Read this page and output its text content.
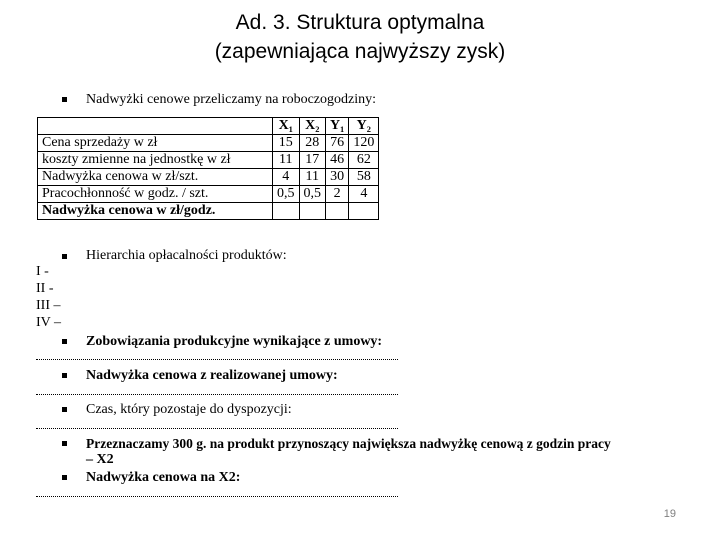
Ad. 3. Struktura optymalna
(zapewniająca najwyższy zysk)
Nadwyżki cenowe przeliczamy na roboczogodziny:
	X₁	X₂	Y₁	Y₂
Cena sprzedaży w zł	15	28	76	120
koszty zmienne na jednostkę w zł	11	17	46	62
Nadwyżka cenowa w zł/szt.	4	11	30	58
Pracochłonność w godz. / szt.	0,5	0,5	2	4
Nadwyżka cenowa w zł/godz.				
Hierarchia opłacalności produktów:
I -
II -
III –
IV –
Zobowiązania produkcyjne wynikające z umowy:
Nadwyżka cenowa z realizowanej umowy:
Czas, który pozostaje do dyspozycji:
Przeznaczamy 300 g. na produkt przynoszący największa nadwyżkę cenową z godzin pracy
– X2
Nadwyżka cenowa na X2:
19
